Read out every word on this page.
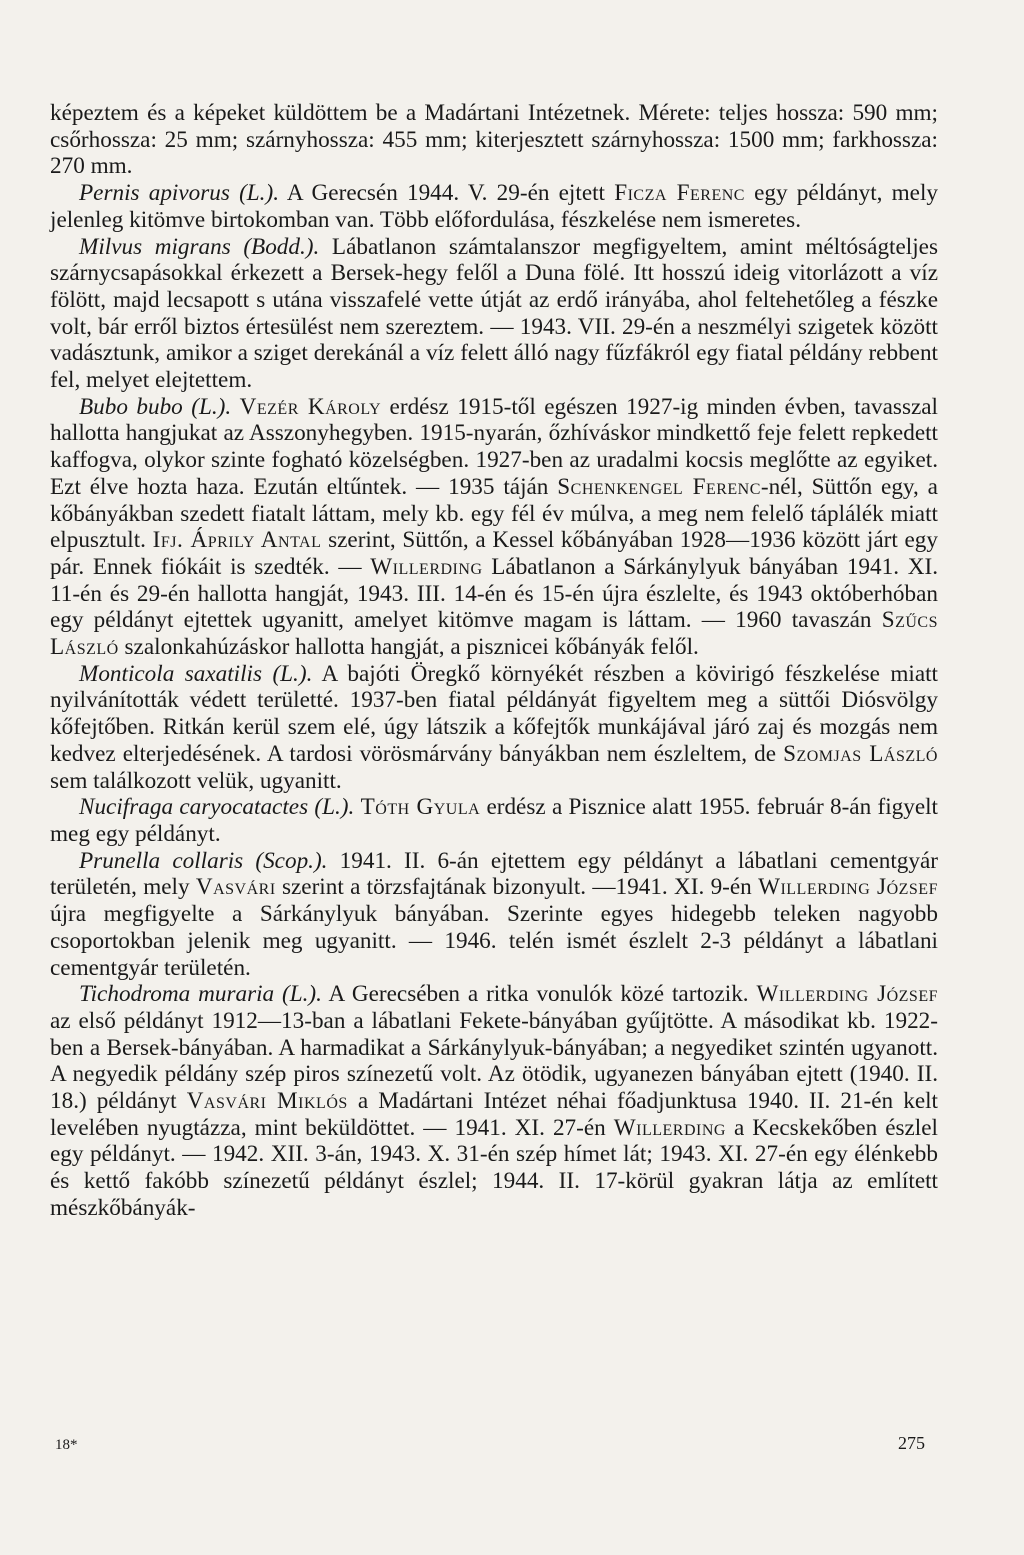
képeztem és a képeket küldöttem be a Madártani Intézetnek. Mérete: teljes hossza: 590 mm; csőrhossza: 25 mm; szárnyhossza: 455 mm; kiterjesztett szárnyhossza: 1500 mm; farkhossza: 270 mm.

Pernis apivorus (L.). A Gerecsén 1944. V. 29-én ejtett Ficza Ferenc egy példányt, mely jelenleg kitömve birtokomban van. Több előfordulása, fészkelése nem ismeretes.

Milvus migrans (Bodd.). Lábatlanon számtalanszor megfigyeltem, amint méltóságteljes szárnycsapásokkal érkezett a Bersek-hegy felől a Duna fölé. Itt hosszú ideig vitorlázott a víz fölött, majd lecsapott s utána visszafelé vette útját az erdő irányába, ahol feltehetőleg a fészke volt, bár erről biztos értesülést nem szereztem. — 1943. VII. 29-én a neszmélyi szigetek között vadásztunk, amikor a sziget derekánál a víz felett álló nagy fűzfákról egy fiatal példány rebbent fel, melyet elejtettem.

Bubo bubo (L.). Vezér Károly erdész 1915-től egészen 1927-ig minden évben, tavasszal hallotta hangjukat az Asszonyhegyben. 1915-nyarán, őzhíváskor mindkettő feje felett repkedett kaffogva, olykor szinte fogható közelségben. 1927-ben az uradalmi kocsis meglőtte az egyiket. Ezt élve hozta haza. Ezután eltűntek. — 1935 táján Schenkengel Ferenc-nél, Süttőn egy, a kőbányákban szedett fiatalt láttam, mely kb. egy fél év múlva, a meg nem felelő táplálék miatt elpusztult. Ifj. Áprily Antal szerint, Süttőn, a Kessel kőbányában 1928—1936 között járt egy pár. Ennek fiókáit is szedték. — Willerding Lábatlanon a Sárkánylyuk bányában 1941. XI. 11-én és 29-én hallotta hangját, 1943. III. 14-én és 15-én újra észlelte, és 1943 októberhóban egy példányt ejtettek ugyanitt, amelyet kitömve magam is láttam. — 1960 tavaszán Szűcs László szalonkahúzáskor hallotta hangját, a pisznicei kőbányák felől.

Monticola saxatilis (L.). A bajóti Öregkő környékét részben a kövirigó fészkelése miatt nyilvánították védett területté. 1937-ben fiatal példányát figyeltem meg a süttői Diósvölgy kőfejtőben. Ritkán kerül szem elé, úgy látszik a kőfejtők munkájával járó zaj és mozgás nem kedvez elterjedésének. A tardosi vörösmárvány bányákban nem észleltem, de Szomjas László sem találkozott velük, ugyanitt.

Nucifraga caryocatactes (L.). Tóth Gyula erdész a Pisznice alatt 1955. február 8-án figyelt meg egy példányt.

Prunella collaris (Scop.). 1941. II. 6-án ejtettem egy példányt a lábatlani cementgyár területén, mely Vasvári szerint a törzsfajtának bizonyult. —1941. XI. 9-én Willerding József újra megfigyelte a Sárkánylyuk bányában. Szerinte egyes hidegebb teleken nagyobb csoportokban jelenik meg ugyanitt. — 1946. telén ismét észlelt 2-3 példányt a lábatlani cementgyár területén.

Tichodroma muraria (L.). A Gerecsében a ritka vonulók közé tartozik. Willerding József az első példányt 1912—13-ban a lábatlani Fekete-bányában gyűjtötte. A másodikat kb. 1922-ben a Bersek-bányában. A harmadikat a Sárkánylyuk-bányában; a negyediket szintén ugyanott. A negyedik példány szép piros színezetű volt. Az ötödik, ugyanezen bányában ejtett (1940. II. 18.) példányt Vasvári Miklós a Madártani Intézet néhai főadjunktusa 1940. II. 21-én kelt levelében nyugtázza, mint beküldöttet. — 1941. XI. 27-én Willerding a Kecskekőben észlel egy példányt. — 1942. XII. 3-án, 1943. X. 31-én szép hímet lát; 1943. XI. 27-én egy élénkebb és kettő fakóbb színezetű példányt észlel; 1944. II. 17-körül gyakran látja az említett mészkőbányák-

18*	275
